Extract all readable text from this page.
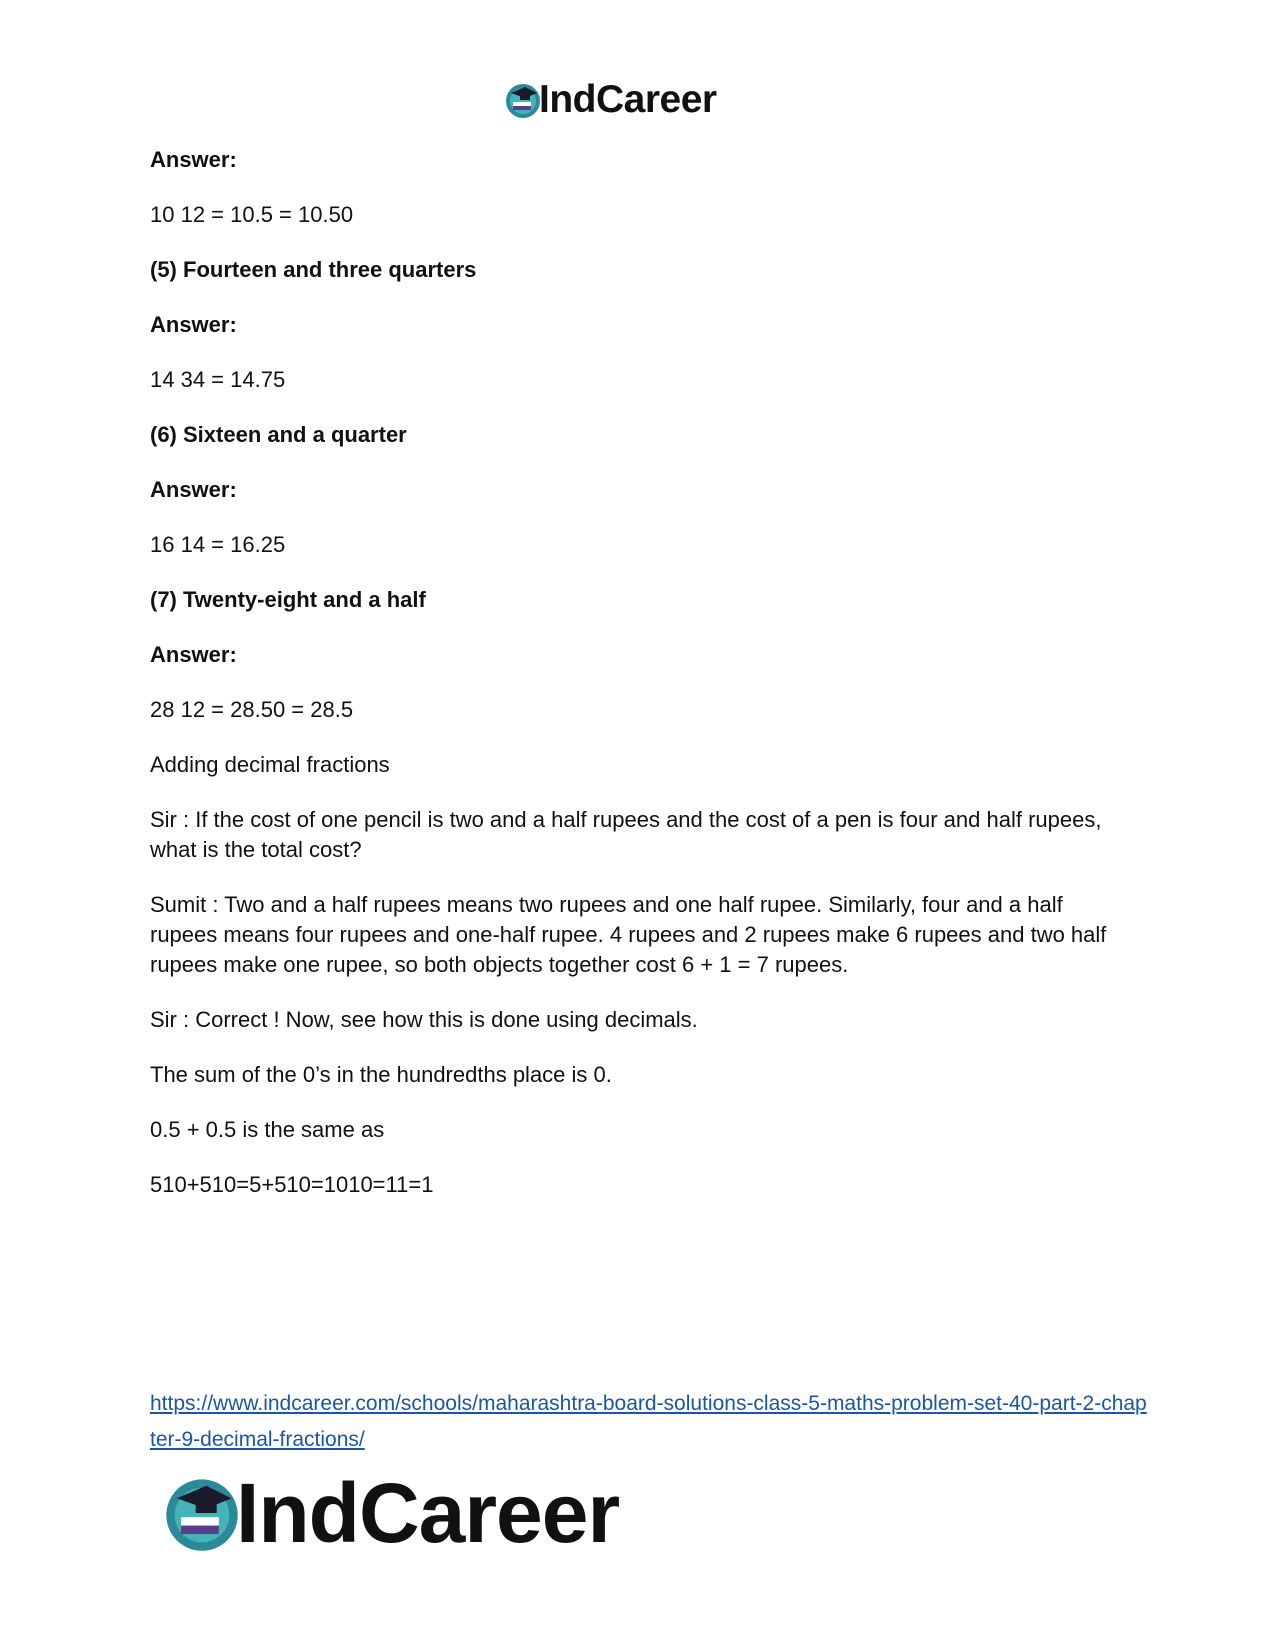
IndCareer

Answer:

10 12 = 10.5 = 10.50

(5) Fourteen and three quarters

Answer:

14 34 = 14.75

(6) Sixteen and a quarter

Answer:

16 14 = 16.25

(7) Twenty-eight and a half

Answer:

28 12 = 28.50 = 28.5

Adding decimal fractions

Sir : If the cost of one pencil is two and a half rupees and the cost of a pen is four and half rupees, what is the total cost?

Sumit : Two and a half rupees means two rupees and one half rupee. Similarly, four and a half rupees means four rupees and one-half rupee. 4 rupees and 2 rupees make 6 rupees and two half rupees make one rupee, so both objects together cost 6 + 1 = 7 rupees.

Sir : Correct ! Now, see how this is done using decimals.

The sum of the 0’s in the hundredths place is 0.

0.5 + 0.5 is the same as

510+510=5+510=1010=11=1

https://www.indcareer.com/schools/maharashtra-board-solutions-class-5-maths-problem-set-40-part-2-chapter-9-decimal-fractions/
IndCareer
